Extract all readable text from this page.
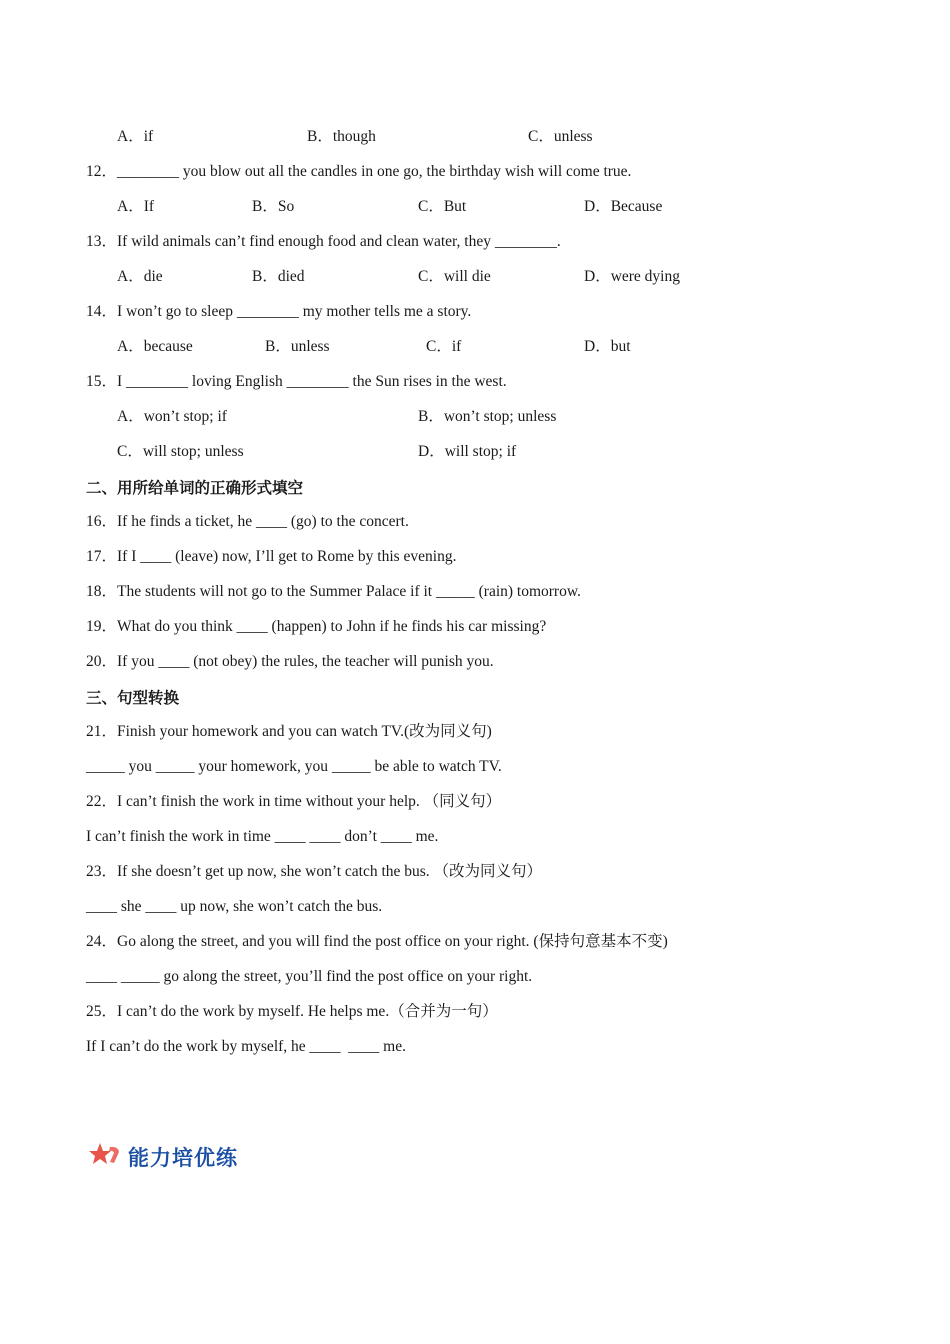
A．if	B．though	C．unless
12．________ you blow out all the candles in one go, the birthday wish will come true.
A．If	B．So	C．But	D．Because
13．If wild animals can’t find enough food and clean water, they ________.
A．die	B．died	C．will die	D．were dying
14．I won’t go to sleep ________ my mother tells me a story.
A．because	B．unless	C．if	D．but
15．I ________ loving English ________ the Sun rises in the west.
A．won’t stop; if	B．won’t stop; unless
C．will stop; unless	D．will stop; if
二、用所给单词的正确形式填空
16．If he finds a ticket, he ____ (go) to the concert.
17．If I ____ (leave) now, I’ll get to Rome by this evening.
18．The students will not go to the Summer Palace if it _____ (rain) tomorrow.
19．What do you think ____ (happen) to John if he finds his car missing?
20．If you ____ (not obey) the rules, the teacher will punish you.
三、句型转换
21．Finish your homework and you can watch TV.(改为同义句)
_____ you _____ your homework, you _____ be able to watch TV.
22．I can’t finish the work in time without your help. （同义句）
I can’t finish the work in time ____ ____ don’t ____ me.
23．If she doesn’t get up now, she won’t catch the bus. （改为同义句）
____ she ____ up now, she won’t catch the bus.
24．Go along the street, and you will find the post office on your right. (保持句意基本不变)
____ _____ go along the street, you’ll find the post office on your right.
25．I can’t do the work by myself. He helps me.（合并为一句）
If I can’t do the work by myself, he ____  ____ me.
能力培优练
